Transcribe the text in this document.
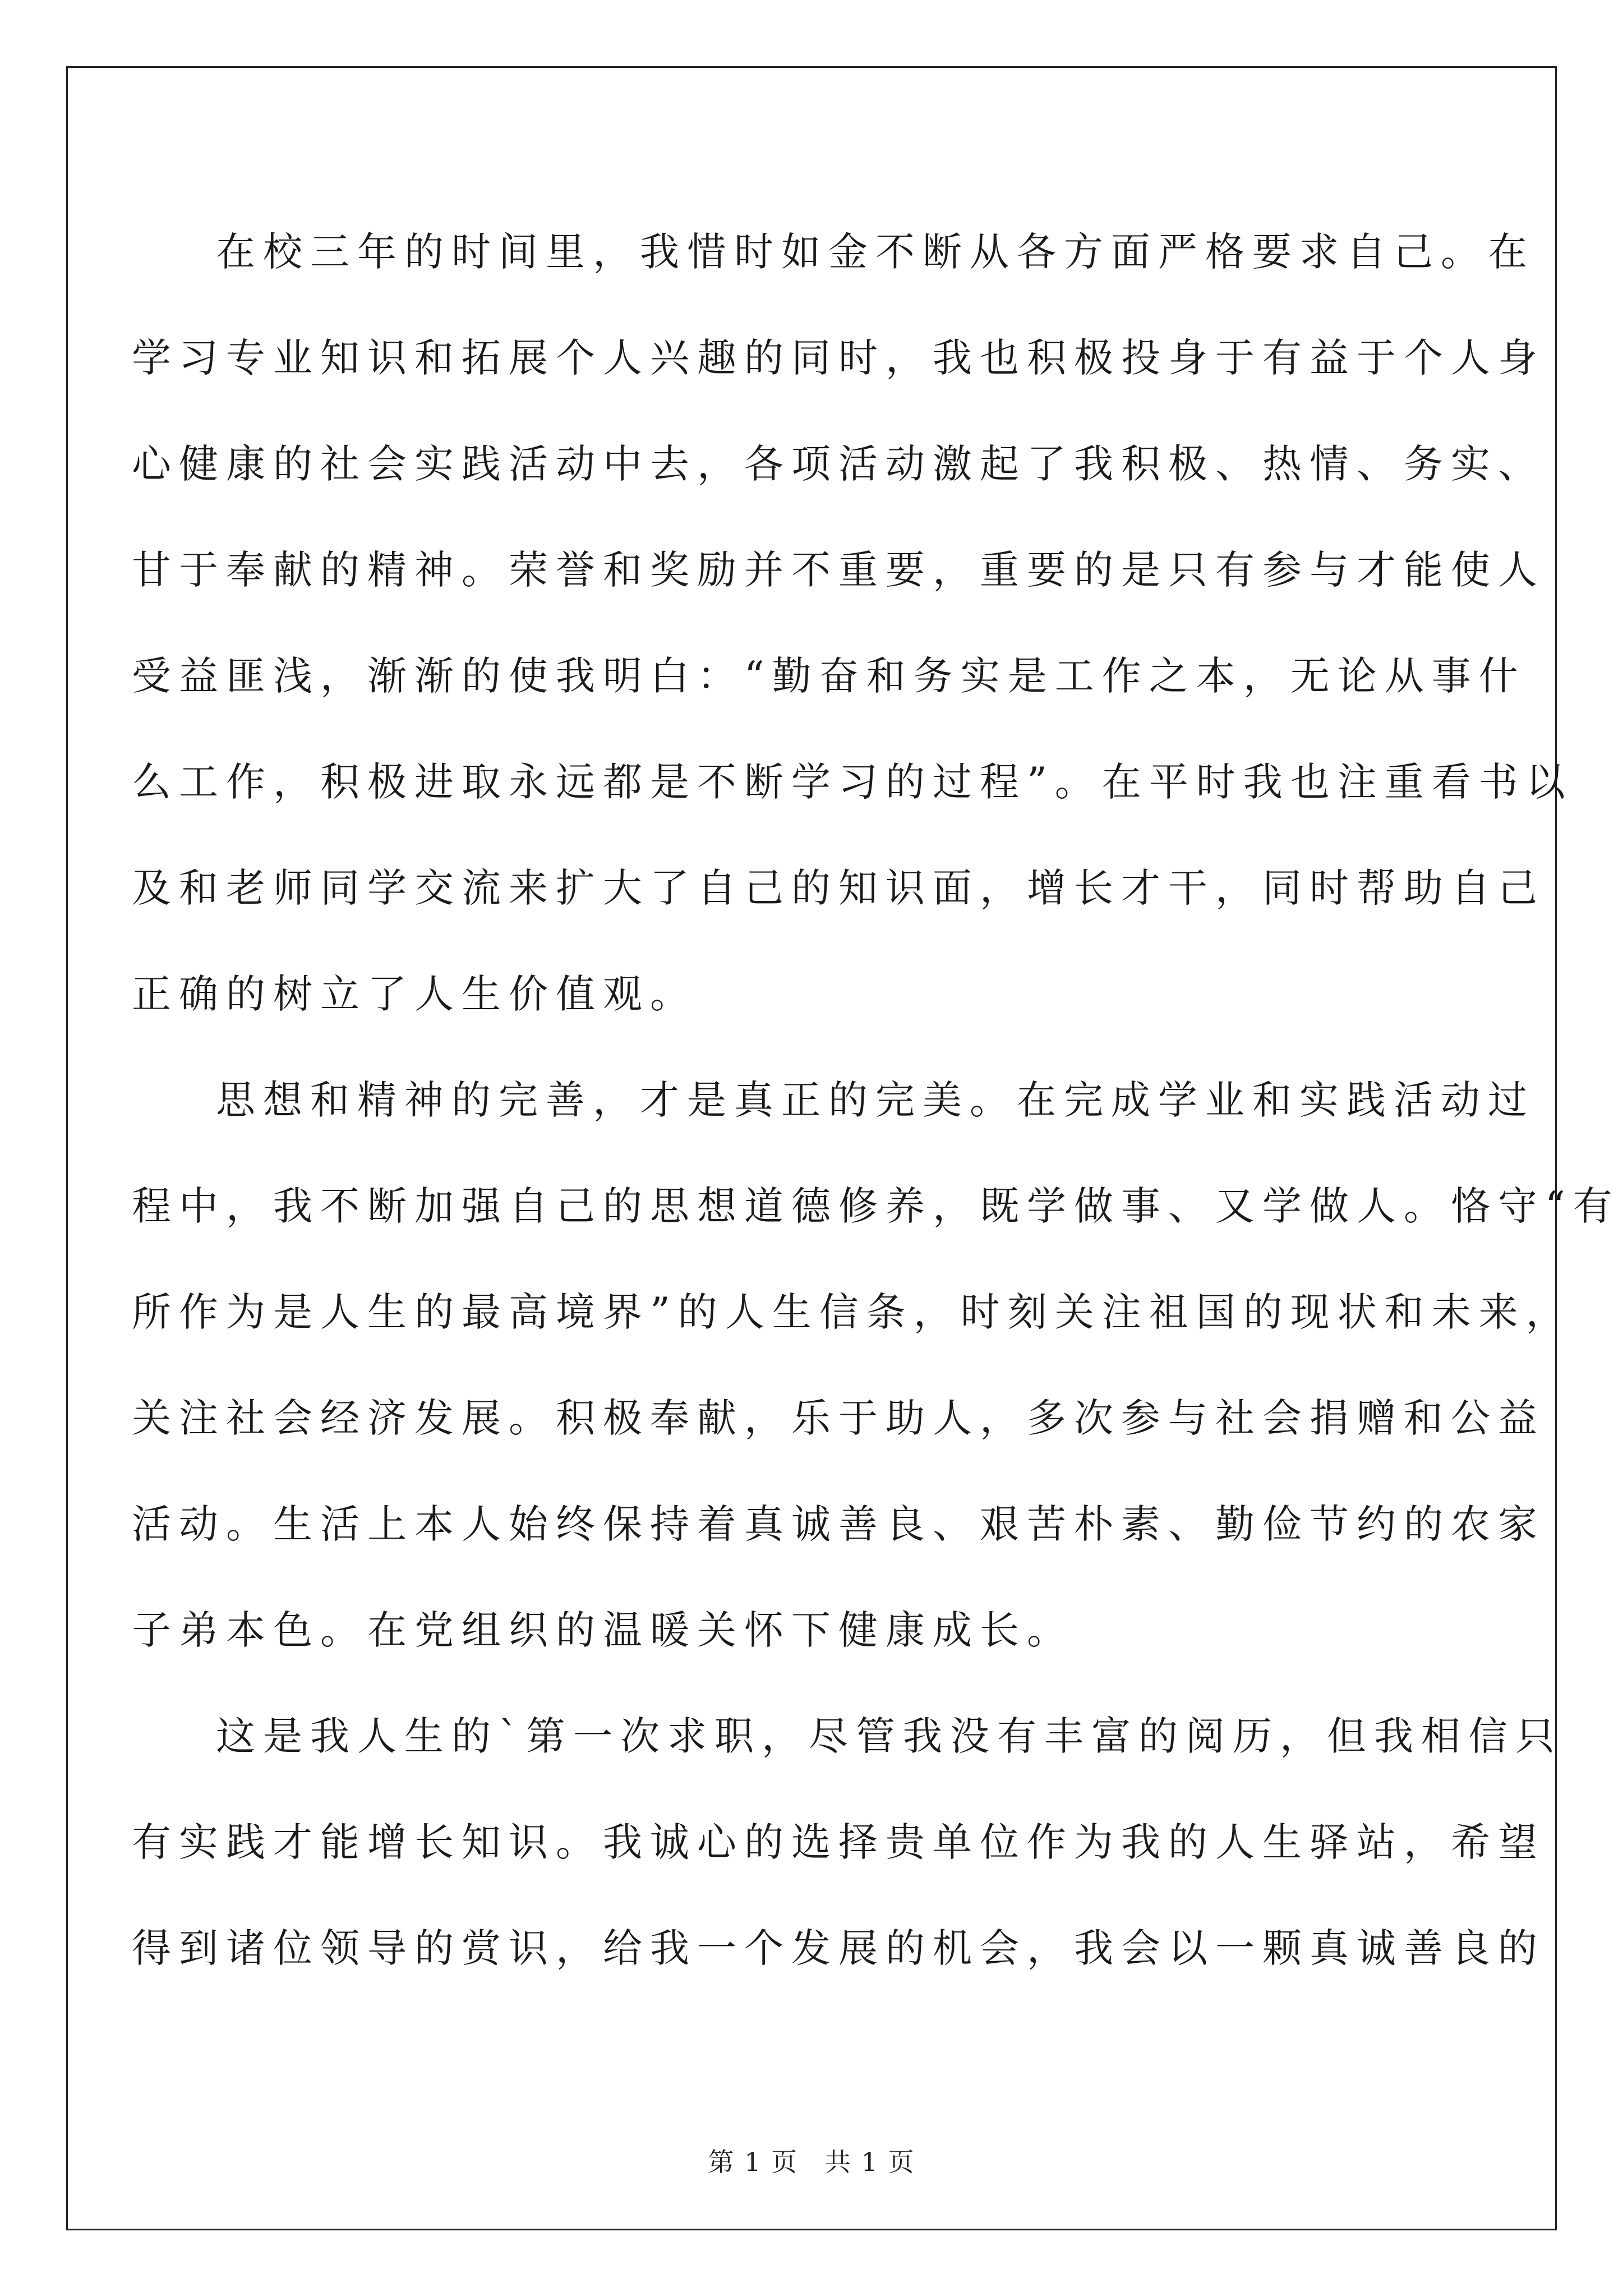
在校三年的时间里，我惜时如金不断从各方面严格要求自己。在
学习专业知识和拓展个人兴趣的同时，我也积极投身于有益于个人身
心健康的社会实践活动中去，各项活动激起了我积极、热情、务实、
甘于奉献的精神。荣誉和奖励并不重要，重要的是只有参与才能使人
受益匪浅，渐渐的使我明白：“勤奋和务实是工作之本，无论从事什
么工作，积极进取永远都是不断学习的过程”。在平时我也注重看书以
及和老师同学交流来扩大了自己的知识面，增长才干，同时帮助自己
正确的树立了人生价值观。
思想和精神的完善，才是真正的完美。在完成学业和实践活动过
程中，我不断加强自己的思想道德修养，既学做事、又学做人。恪守“有
所作为是人生的最高境界”的人生信条，时刻关注祖国的现状和未来，
关注社会经济发展。积极奉献，乐于助人，多次参与社会捐赠和公益
活动。生活上本人始终保持着真诚善良、艰苦朴素、勤俭节约的农家
子弟本色。在党组织的温暖关怀下健康成长。
这是我人生的`第一次求职，尽管我没有丰富的阅历，但我相信只
有实践才能增长知识。我诚心的选择贵单位作为我的人生驿站，希望
得到诸位领导的赏识，给我一个发展的机会，我会以一颗真诚善良的
第 1 页　共 1 页
